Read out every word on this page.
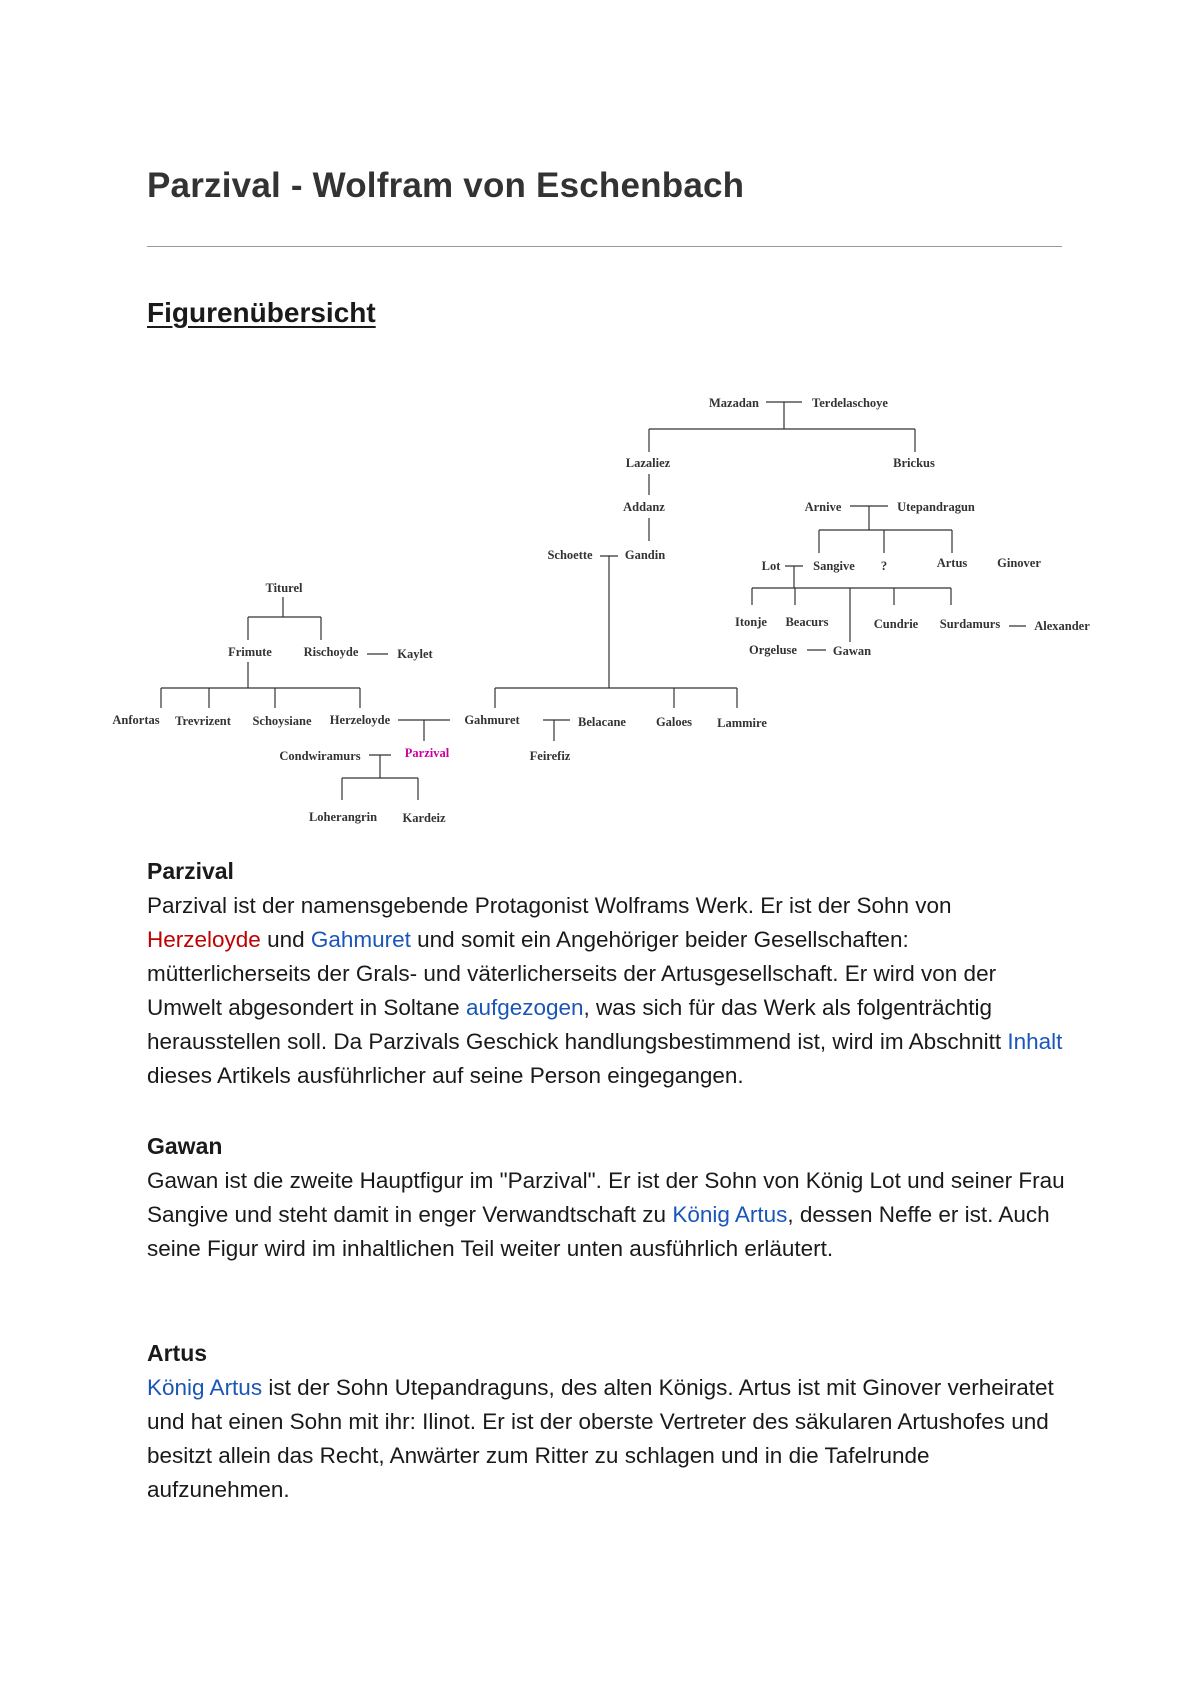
Parzival - Wolfram von Eschenbach
Figurenübersicht
Mazadan	Terdelaschoye
Lazaliez	Brickus
Addanz	Arnive	Utepandragun
Schoette	Gandin
Lot	Sangive ?	Artus Ginover
Titurel
Itonje Beacurs	Cundrie Surdamurs	Alexander
Frimute	Rischoyde	Kaylet	Orgeluse	Gawan
Anfortas Trevrizent Schoysiane Herzeloyde	Gahmuret	Belacane Galoes Lammire
Condwiramurs	Parzival	Feirefiz
Loherangrin Kardeiz
Parzival

Parzival ist der namensgebende Protagonist Wolframs Werk. Er ist der Sohn von Herzeloyde und Gahmuret und somit ein Angehöriger beider Gesellschaften: mütterlicherseits der Grals- und väterlicherseits der Artusgesellschaft. Er wird von der Umwelt abgesondert in Soltane aufgezogen, was sich für das Werk als folgenträchtig herausstellen soll. Da Parzivals Geschick handlungsbestimmend ist, wird im Abschnitt Inhalt dieses Artikels ausführlicher auf seine Person eingegangen.

Gawan

Gawan ist die zweite Hauptfigur im "Parzival". Er ist der Sohn von König Lot und seiner Frau Sangive und steht damit in enger Verwandtschaft zu König Artus, dessen Neffe er ist. Auch seine Figur wird im inhaltlichen Teil weiter unten ausführlich erläutert.

Artus

König Artus ist der Sohn Utepandraguns, des alten Königs. Artus ist mit Ginover verheiratet und hat einen Sohn mit ihr: Ilinot. Er ist der oberste Vertreter des säkularen Artushofes und besitzt allein das Recht, Anwärter zum Ritter zu schlagen und in die Tafelrunde aufzunehmen.
